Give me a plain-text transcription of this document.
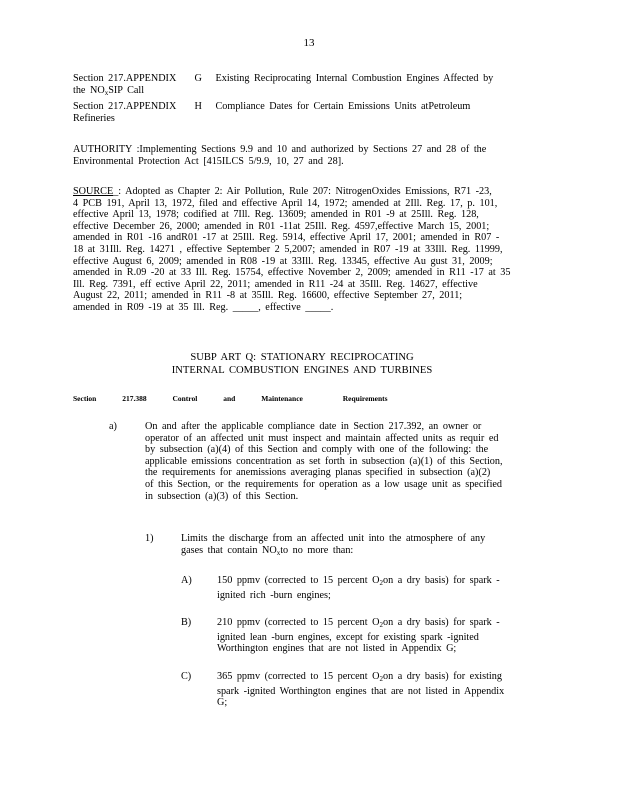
13
Section 217.APPENDIX G Existing Reciprocating Internal Combustion Engines Affected by
the $NO_xSIP$ Call
Section 217.APPENDIX H Compliance Dates for Certain Emissions Units atPetroleum
Refineries
AUTHORITY :Implementing Sections 9.9 and 10 and authorized by Sections 27 and 28 of the
Environmental Protection Act [415ILCS 5/9.9, 10, 27 and 28].
SOURCE_: Adopted as Chapter 2: Air Pollution, Rule 207: NitrogenOxides Emissions, R71 -23,
4 PCB 191, April 13, 1972, filed and effective April 14, 1972; amended at 2Ill. Reg. 17, p. 101,
effective April 13, 1978; codified at 7Ill. Reg. 13609; amended in R01 -9 at 25Ill. Reg. 128,
effective December 26, 2000; amended in R01 -11at 25Ill. Reg. 4597,effective March 15, 2001;
amended in R01 -16 andR01 -17 at 25Ill. Reg. 5914, effective April 17, 2001; amended in R07 -
18 at 31Ill. Reg. 14271 , effective September 2 5,2007; amended in R07 -19 at 33Ill. Reg. 11999,
effective August 6, 2009; amended in R08 -19 at 33Ill. Reg. 13345, effective Au gust 31, 2009;
amended in R.09 -20 at 33 Ill. Reg. 15754, effective November 2, 2009; amended in R11 -17 at 35
Ill. Reg. 7391, eff ective April 22, 2011; amended in R11 -24 at 35Ill. Reg. 14627, effective
August 22, 2011; amended in R11 -8 at 35Ill. Reg. 16600, effective September 27, 2011;
amended in R09 -19 at 35 Ill. Reg. _____, effective _____.
SUBP ART Q: STATIONARY RECIPROCATING
INTERNAL COMBUSTION ENGINES AND TURBINES
Section	217.388	Control	and	Maintenance	Requirements
a)	On and after the applicable compliance date in Section 217.392, an owner or
operator of an affected unit must inspect and maintain affected units as requir ed
by subsection (a)(4) of this Section and comply with one of the following: the
applicable emissions concentration as set forth in subsection (a)(1) of this Section,
the requirements for anemissions averaging planas specified in subsection (a)(2)
of this Section, or the requirements for operation as a low usage unit as specified
in subsection (a)(3) of this Section.
1)	Limits the discharge from an affected unit into the atmosphere of any
gases that contain $NO_xto$ no more than:
A) 150 ppmv (corrected to 15 percent $O_2on$ a dry basis) for spark -
ignited rich -burn engines;
B)	210 ppmv (corrected to 15 percent $O_2on$ a dry basis) for spark -
ignited lean -burn engines, except for existing spark -ignited
Worthington engines that are not listed in Appendix G;
C)	365 ppmv (corrected to 15 percent $O_2on$ a dry basis) for existing
spark -ignited Worthington engines that are not listed in Appendix
G;
